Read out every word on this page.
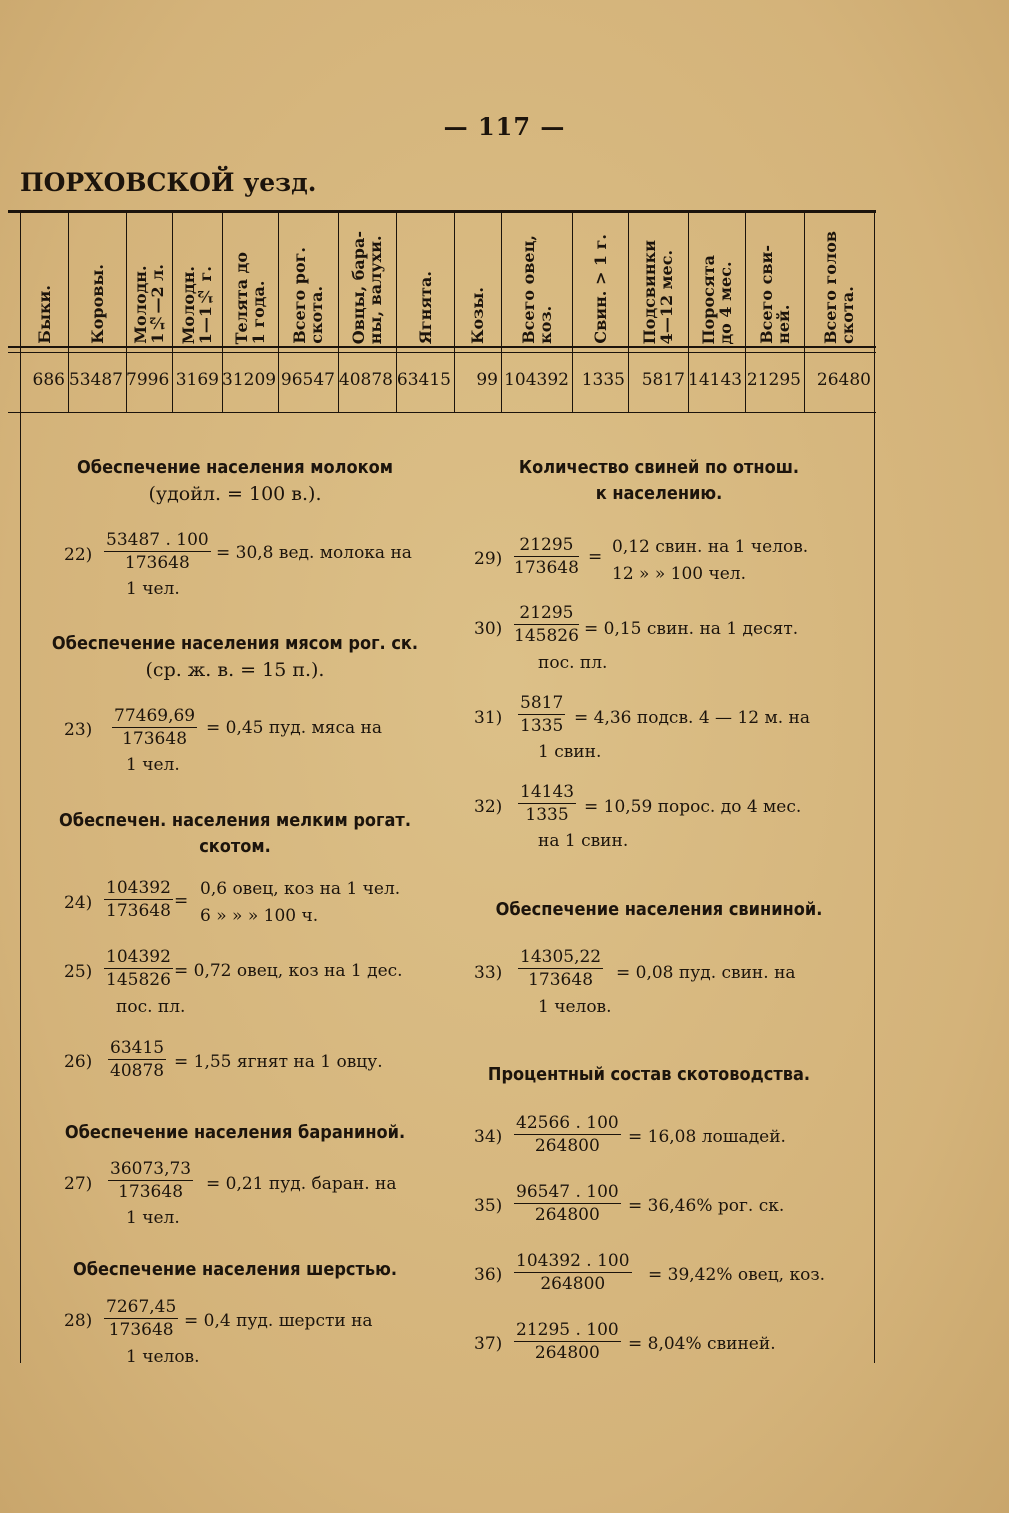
— 117 —
ПОРХОВСКОЙ уезд.
Быки.
686
Коровы.
53487
Молодн.
1½—2 л.
7996
Молодн.
1—1½ г.
3169
Телята до
1 года.
31209
Всего рог.
скота.
96547
Овцы, бара-
ны, валухи.
40878
Ягнята.
63415
Козы.
99
Всего овец,
коз.
104392
Свин. > 1 г.
1335
Подсвинки
4—12 мес.
5817
Поросята
до 4 мес.
14143
Всего сви-
ней.
21295
Всего голов
скота.
26480

Обеспечение населения молоком

(удойл. = 100 в.).

$22) \frac{53487 . 100}{173648} = 30,8$ вед. молока на
1 чел.

Обеспечение населения мясом рог. ск.

(ср. ж. в. = 15 п.).

$23) \frac{77469,69}{173648} = 0,45$ пуд. мяса на
1 чел.

Обеспечен. населения мелким рогат.

скотом.

$24) \frac{104392}{173648}$ =
0,6 овец, коз на 1 чел.
6 » » » 100 ч.
$25) \frac{104392}{145826} = 0,72$ овец, коз на 1 дес.
пос. пл.
$26) \frac{63415}{40878} = 1,55$ ягнят на 1 овцу.

Обеспечение населения бараниной.

$27) \frac{36073,73}{173648} = 0,21$ пуд. баран. на
1 чел.

Обеспечение населения шерстью.

$28) \frac{7267,45}{173648} = 0,4$ пуд. шерсти на
1 челов.

Количество свиней по отнош.

к населению.

$29) \frac{21295}{173648} = 0,12$ свин. на 1 челов.
12 » » 100 чел.
$30) \frac{21295}{145826} = 0,15$ свин. на 1 десят.
пос. пл.
$31) \frac{5817}{1335} = 4,36$ подсв. 4 — 12 м. на
1 свин.
$32) \frac{14143}{1335} = 10,59$ порос. до 4 мес.
на 1 свин.

Обеспечение населения свининой.

$33) \frac{14305,22}{173648} = 0,08$ пуд. свин. на
1 челов.

Процентный состав скотоводства.

$34) \frac{42566 . 100}{264800} = 16,08$ лошадей.
$35) \frac{96547 . 100}{264800} = 36,46\%$ рог. ск.
$36) \frac{104392 . 100}{264800} = 39,42\%$ овец, коз.
$37) \frac{21295 . 100}{264800} = 8,04\%$ свиней.
